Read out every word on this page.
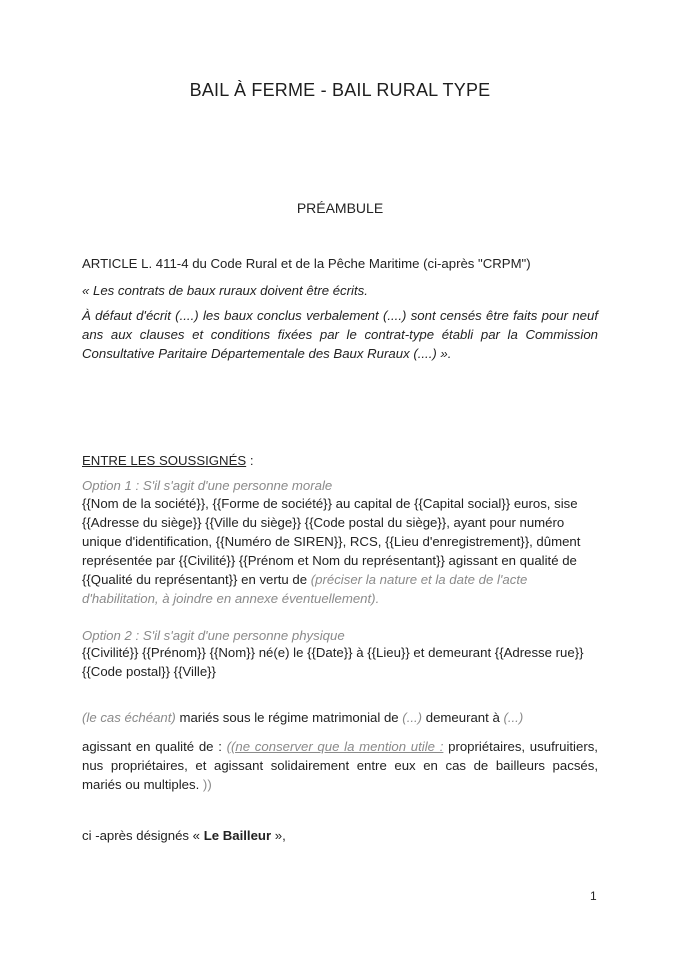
BAIL À FERME - BAIL RURAL TYPE
PRÉAMBULE
ARTICLE L. 411-4 du Code Rural et de la Pêche Maritime (ci-après "CRPM")
« Les contrats de baux ruraux doivent être écrits.
À défaut d'écrit (....) les baux conclus verbalement (....) sont censés être faits pour neuf ans aux clauses et conditions fixées par le contrat-type établi par la Commission Consultative Paritaire Départementale des Baux Ruraux (....) ».
ENTRE LES SOUSSIGNÉS :
Option 1 : S'il s'agit d'une personne morale
{{Nom de la société}}, {{Forme de société}} au capital de {{Capital social}} euros, sise {{Adresse du siège}} {{Ville du siège}} {{Code postal du siège}}, ayant pour numéro unique d'identification, {{Numéro de SIREN}}, RCS, {{Lieu d'enregistrement}}, dûment représentée par {{Civilité}} {{Prénom et Nom du représentant}} agissant en qualité de {{Qualité du représentant}} en vertu de (préciser la nature et la date de l'acte d'habilitation, à joindre en annexe éventuellement).
Option 2 : S'il s'agit d'une personne physique
{{Civilité}} {{Prénom}} {{Nom}} né(e) le {{Date}} à {{Lieu}} et demeurant {{Adresse rue}} {{Code postal}} {{Ville}}
(le cas échéant) mariés sous le régime matrimonial de (...) demeurant à (...)
agissant en qualité de : ((ne conserver que la mention utile : propriétaires, usufruitiers, nus propriétaires, et agissant solidairement entre eux en cas de bailleurs pacsés, mariés ou multiples. ))
ci -après désignés « Le Bailleur »,
1
